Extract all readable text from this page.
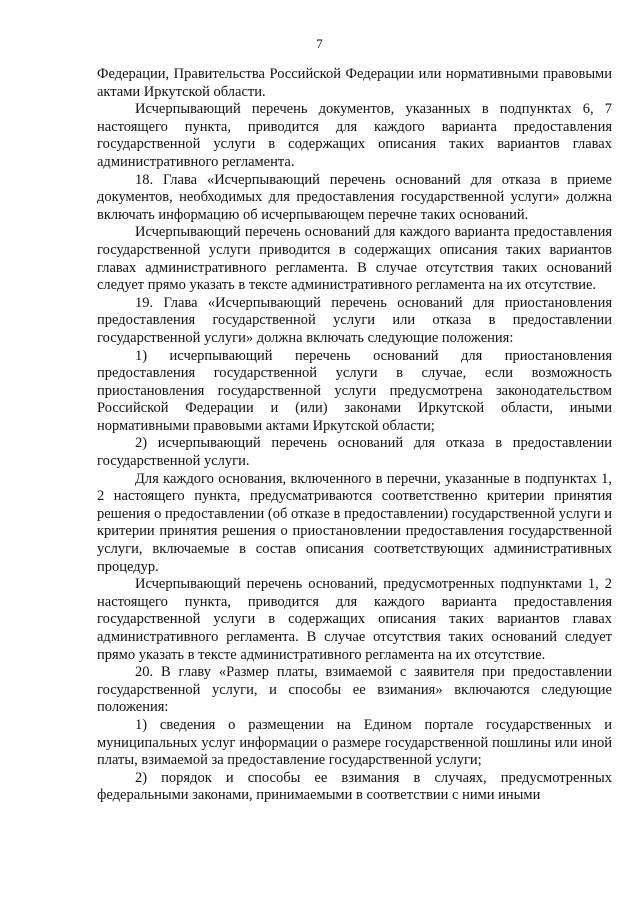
7

Федерации, Правительства Российской Федерации или нормативными правовыми актами Иркутской области.

Исчерпывающий перечень документов, указанных в подпунктах 6, 7 настоящего пункта, приводится для каждого варианта предоставления государственной услуги в содержащих описания таких вариантов главах административного регламента.

18. Глава «Исчерпывающий перечень оснований для отказа в приеме документов, необходимых для предоставления государственной услуги» должна включать информацию об исчерпывающем перечне таких оснований.

Исчерпывающий перечень оснований для каждого варианта предоставления государственной услуги приводится в содержащих описания таких вариантов главах административного регламента. В случае отсутствия таких оснований следует прямо указать в тексте административного регламента на их отсутствие.

19. Глава «Исчерпывающий перечень оснований для приостановления предоставления государственной услуги или отказа в предоставлении государственной услуги» должна включать следующие положения:

1) исчерпывающий перечень оснований для приостановления предоставления государственной услуги в случае, если возможность приостановления государственной услуги предусмотрена законодательством Российской Федерации и (или) законами Иркутской области, иными нормативными правовыми актами Иркутской области;

2) исчерпывающий перечень оснований для отказа в предоставлении государственной услуги.

Для каждого основания, включенного в перечни, указанные в подпунктах 1, 2 настоящего пункта, предусматриваются соответственно критерии принятия решения о предоставлении (об отказе в предоставлении) государственной услуги и критерии принятия решения о приостановлении предоставления государственной услуги, включаемые в состав описания соответствующих административных процедур.

Исчерпывающий перечень оснований, предусмотренных подпунктами 1, 2 настоящего пункта, приводится для каждого варианта предоставления государственной услуги в содержащих описания таких вариантов главах административного регламента. В случае отсутствия таких оснований следует прямо указать в тексте административного регламента на их отсутствие.

20. В главу «Размер платы, взимаемой с заявителя при предоставлении государственной услуги, и способы ее взимания» включаются следующие положения:

1) сведения о размещении на Едином портале государственных и муниципальных услуг информации о размере государственной пошлины или иной платы, взимаемой за предоставление государственной услуги;

2) порядок и способы ее взимания в случаях, предусмотренных федеральными законами, принимаемыми в соответствии с ними иными
